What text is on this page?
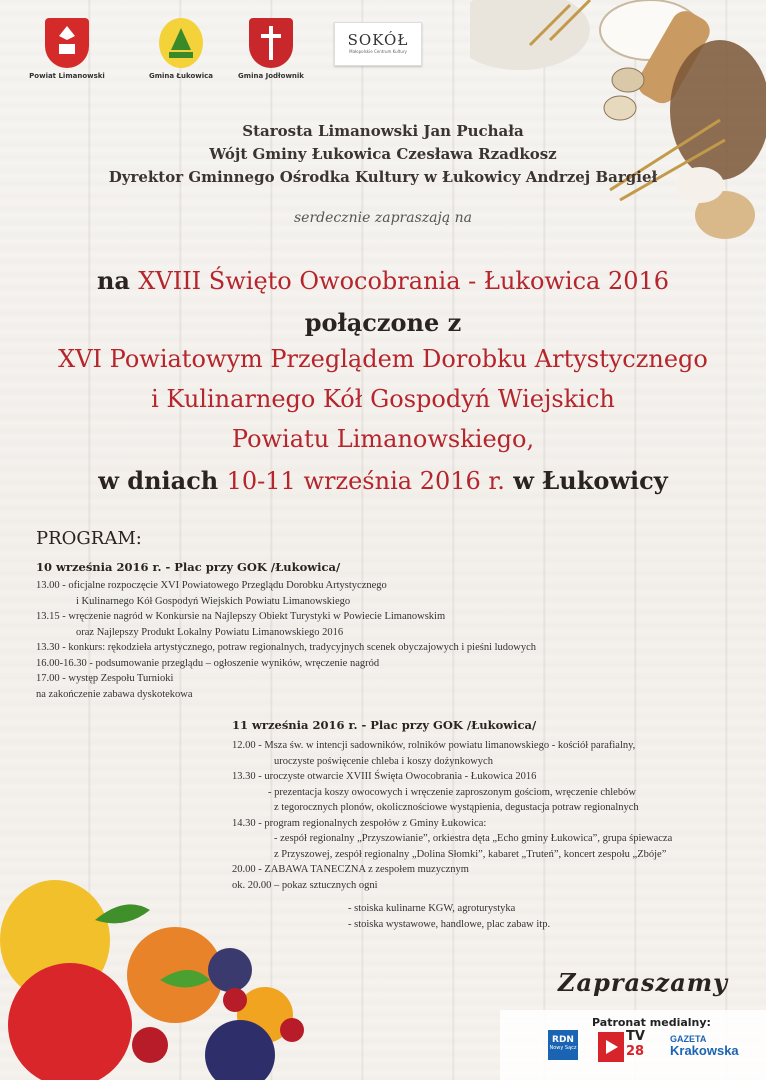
Powiat Limanowski	Gmina Łukowica	Gmina Jodłownik
SOKÓŁ
Małopolskie Centrum Kultury
Starosta Limanowski Jan Puchała
Wójt Gminy Łukowica Czesława Rzadkosz
Dyrektor Gminnego Ośrodka Kultury w Łukowicy Andrzej Bargieł
serdecznie zapraszają na
na XVIII Święto Owocobrania - Łukowica 2016
połączone z
XVI Powiatowym Przeglądem Dorobku Artystycznego
i Kulinarnego Kół Gospodyń Wiejskich
Powiatu Limanowskiego,
w dniach 10-11 września 2016 r. w Łukowicy
PROGRAM:
10 września 2016 r. - Plac przy GOK /Łukowica/
13.00 - oficjalne rozpoczęcie XVI Powiatowego Przeglądu Dorobku Artystycznego
i Kulinarnego Kół Gospodyń Wiejskich Powiatu Limanowskiego
13.15 - wręczenie nagród w Konkursie na Najlepszy Obiekt Turystyki w Powiecie Limanowskim
oraz Najlepszy Produkt Lokalny Powiatu Limanowskiego 2016
13.30 - konkurs: rękodzieła artystycznego, potraw regionalnych, tradycyjnych scenek obyczajowych i pieśni ludowych
16.00-16.30 - podsumowanie przeglądu – ogłoszenie wyników, wręczenie nagród
17.00 - występ Zespołu Turnioki
na zakończenie zabawa dyskotekowa
11 września 2016 r. - Plac przy GOK /Łukowica/
12.00 - Msza św. w intencji sadowników, rolników powiatu limanowskiego - kościół parafialny,
uroczyste poświęcenie chleba i koszy dożynkowych
13.30 - uroczyste otwarcie XVIII Święta Owocobrania - Łukowica 2016
- prezentacja koszy owocowych i wręczenie zaproszonym gościom, wręczenie chlebów
z tegorocznych plonów, okolicznościowe wystąpienia, degustacja potraw regionalnych
14.30 - program regionalnych zespołów z Gminy Łukowica:
- zespół regionalny „Przyszowianie”, orkiestra dęta „Echo gminy Łukowica”, grupa śpiewacza
z Przyszowej, zespół regionalny „Dolina Słomki”, kabaret „Truteń”, koncert zespołu „Zbóje”
20.00 - ZABAWA TANECZNA z zespołem muzycznym
ok. 20.00 – pokaz sztucznych ogni
- stoiska kulinarne KGW, agroturystyka
- stoiska wystawowe, handlowe, plac zabaw itp.
Zapraszamy
Patronat medialny:
RDN
Nowy Sącz
TV
28
GAZETA
Krakowska
